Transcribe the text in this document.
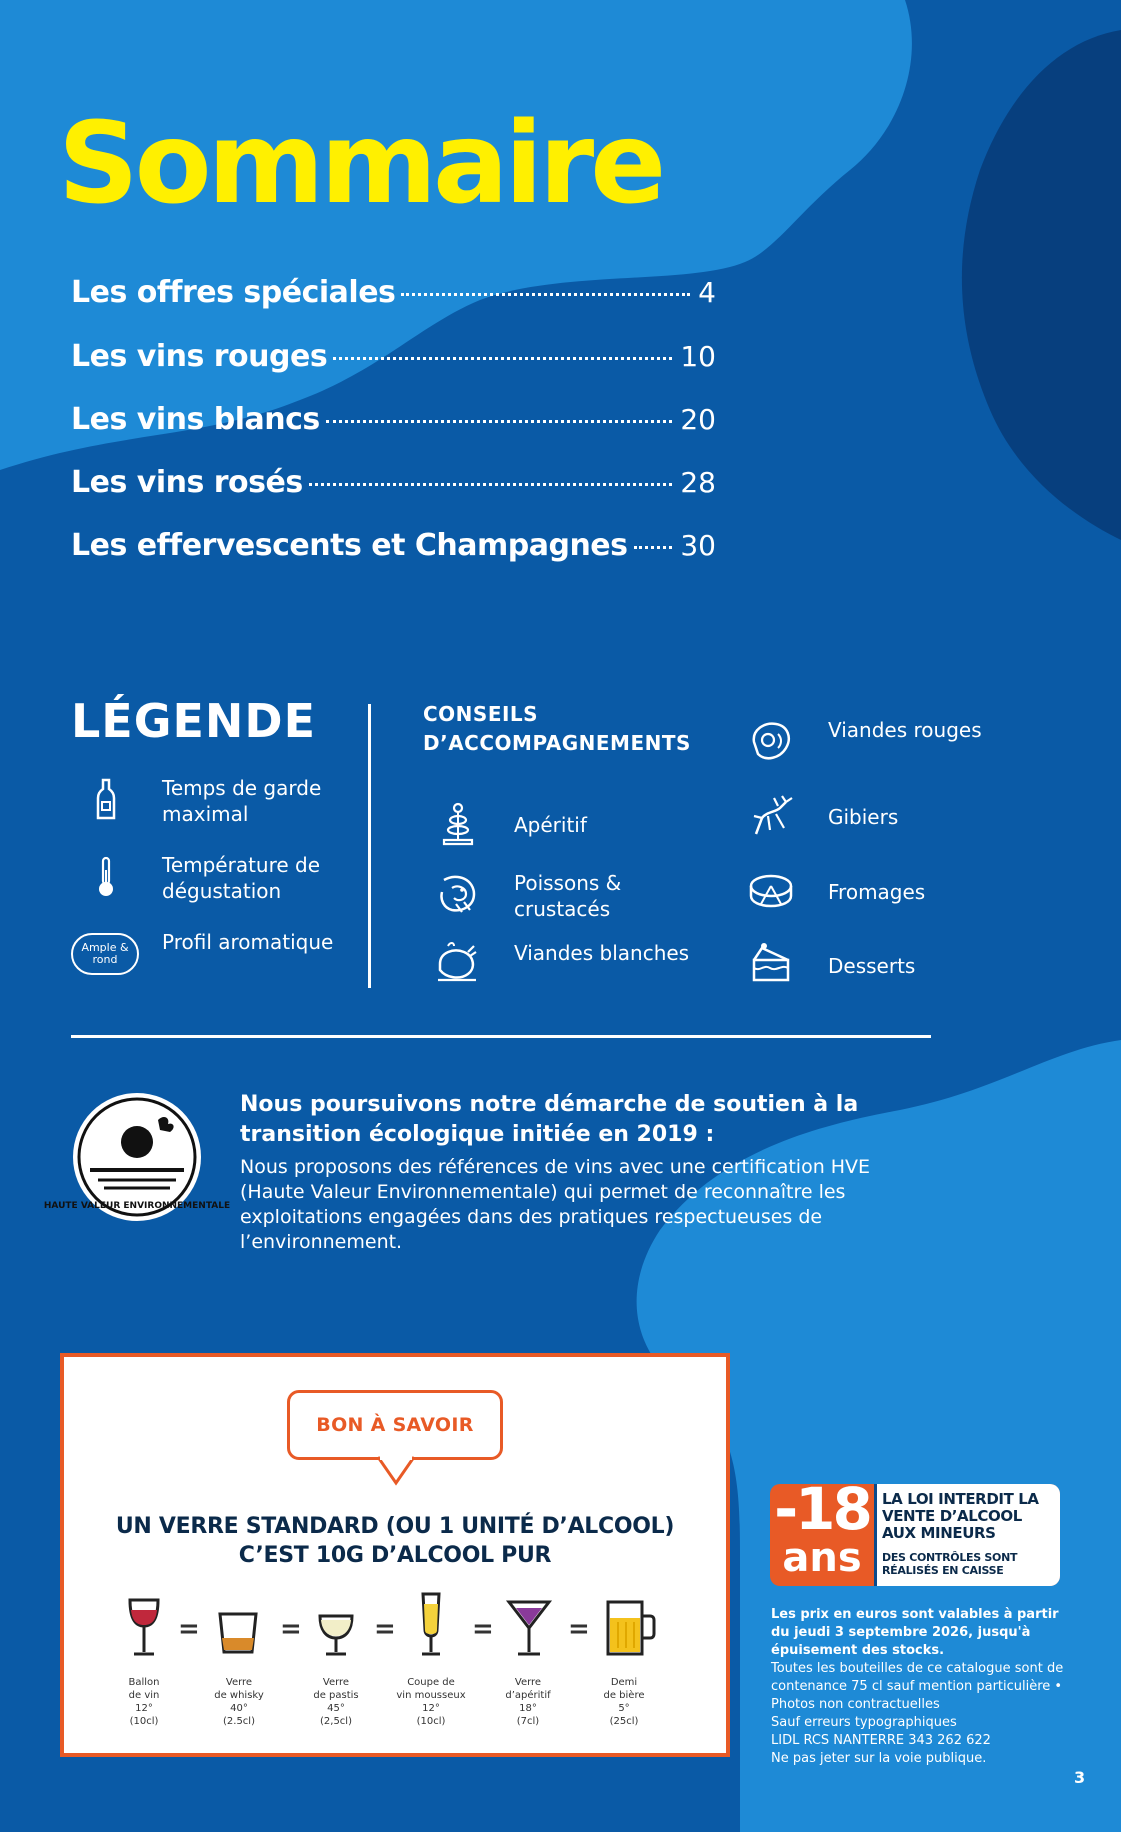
Sommaire
Les offres spéciales	4
Les vins rouges	10
Les vins blancs	20
Les vins rosés	28
Les effervescents et Champagnes 30
LÉGENDE
Temps de garde maximal
Température de dégustation
Ample & rond
Profil aromatique
CONSEILS D’ACCOMPAGNEMENTS
Apéritif
Poissons & crustacés
Viandes blanches
Viandes rouges
Gibiers
Fromages
Desserts
HAUTE VALEUR ENVIRONNEMENTALE
Nous poursuivons notre démarche de soutien à la transition écologique initiée en 2019 :
Nous proposons des références de vins avec une certification HVE (Haute Valeur Environnementale) qui permet de reconnaître les exploitations engagées dans des pratiques respectueuses de l’environnement.
BON À SAVOIR
UN VERRE STANDARD (OU 1 UNITÉ D’ALCOOL)
C’EST 10G D’ALCOOL PUR
=	=	=	=	=
Ballon
de vin
12°
(10cl)
Verre
de whisky
40°
(2.5cl)
Verre
de pastis
45°
(2,5cl)
Coupe de
vin mousseux
12°
(10cl)
Verre
d’apéritif
18°
(7cl)
Demi
de bière
5°
(25cl)
-18
ans
LA LOI INTERDIT LA VENTE D’ALCOOL AUX MINEURS
DES CONTRÔLES SONT RÉALISÉS EN CAISSE
Les prix en euros sont valables à partir du jeudi 3 septembre 2026, jusqu'à épuisement des stocks.
Toutes les bouteilles de ce catalogue sont de contenance 75 cl sauf mention particulière • Photos non contractuelles
Sauf erreurs typographiques
LIDL RCS NANTERRE 343 262 622
Ne pas jeter sur la voie publique.
3
